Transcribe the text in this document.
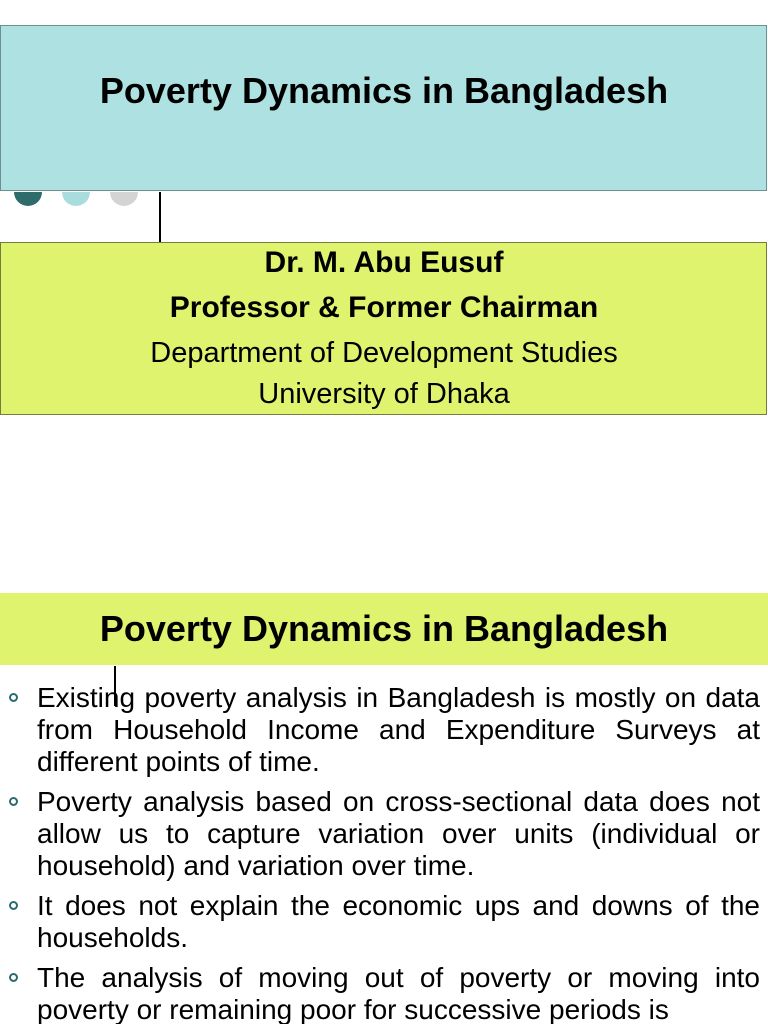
Poverty Dynamics in Bangladesh
Dr. M. Abu Eusuf
Professor & Former Chairman
Department of Development Studies
University of Dhaka
Poverty Dynamics in Bangladesh
Existing poverty analysis in Bangladesh is mostly on data from Household Income and Expenditure Surveys at different points of time.
Poverty analysis based on cross-sectional data does not allow us to capture variation over units (individual or household) and variation over time.
It does not explain the economic ups and downs of the households.
The analysis of moving out of poverty or moving into poverty or remaining poor for successive periods is
